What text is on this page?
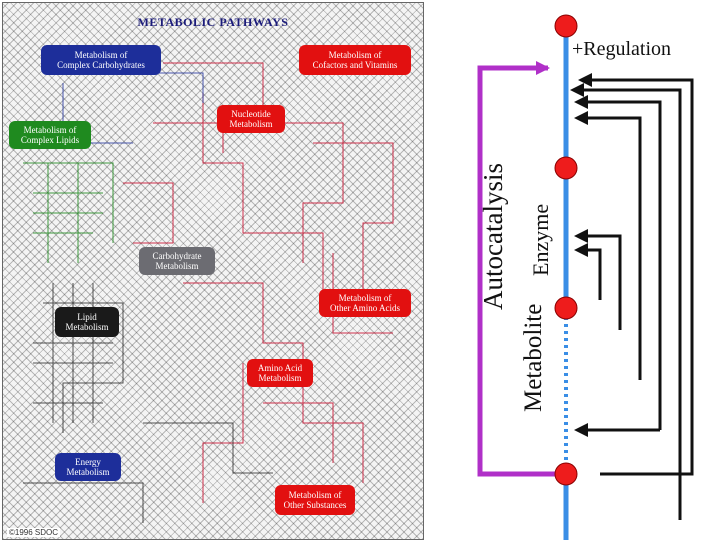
METABOLIC PATHWAYS
Metabolism of
Complex Carbohydrates
Metabolism of
Cofactors and Vitamins
Nucleotide
Metabolism
Metabolism of
Complex Lipids
Carbohydrate
Metabolism
Metabolism of
Other Amino Acids
Lipid
Metabolism
Amino Acid
Metabolism
Energy
Metabolism
Metabolism of
Other Substances
©1996 SDOC
Autocatalysis
Metabolite
Enzyme
+Regulation
